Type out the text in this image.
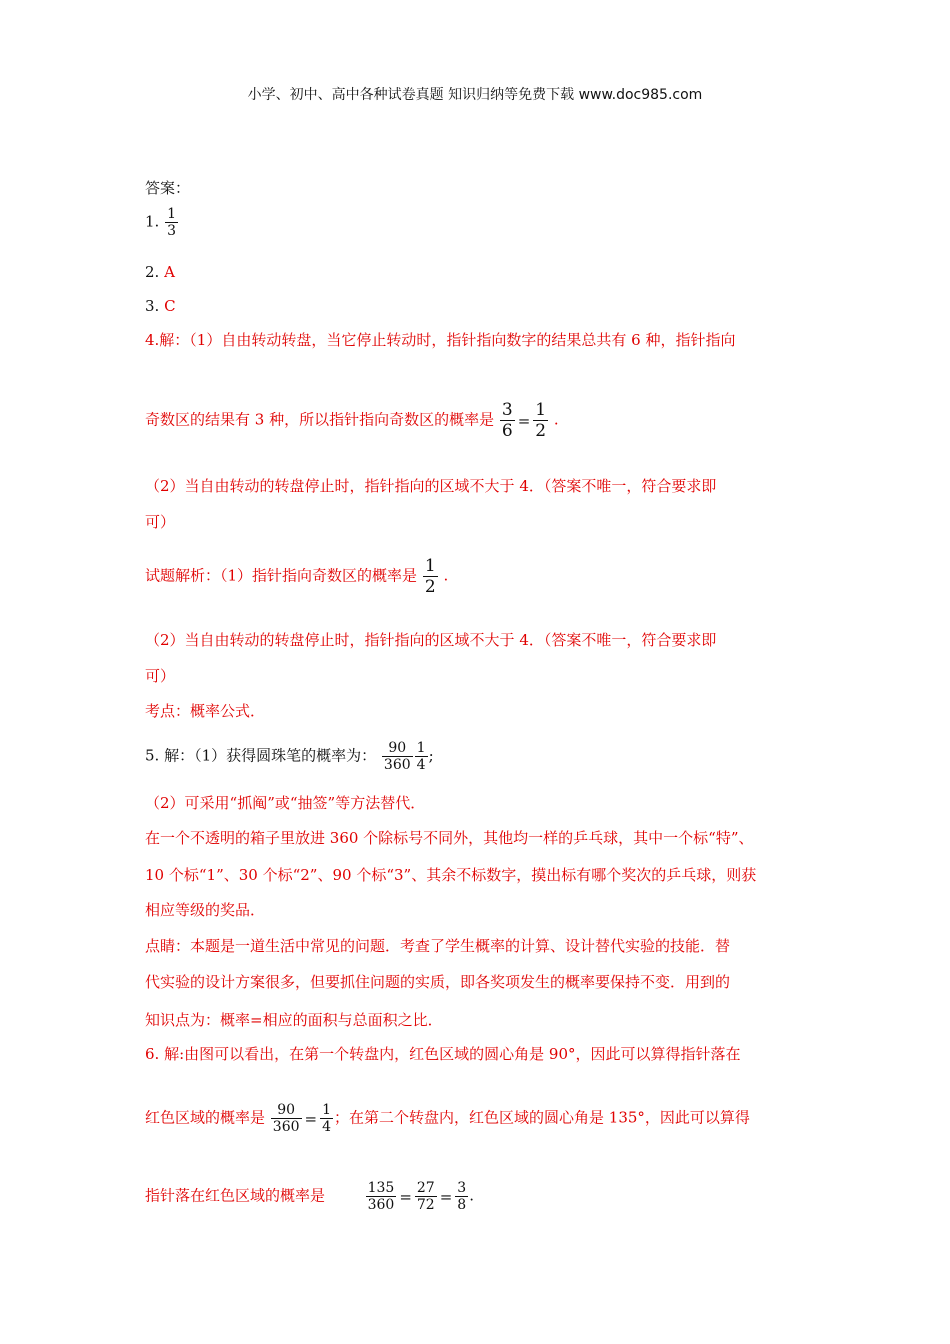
小学、初中、高中各种试卷真题 知识归纳等免费下载 www.doc985.com
答案：
1. $\frac{1}{3}$
2. A
3. C
4.解：（1）自由转动转盘，当它停止转动时，指针指向数字的结果总共有 6 种，指针指向
奇数区的结果有 3 种，所以指针指向奇数区的概率是 $\frac{3}{6} = \frac{1}{2}$ .
（2）当自由转动的转盘停止时，指针指向的区域不大于 4．（答案不唯一，符合要求即
可）
试题解析：（1）指针指向奇数区的概率是 $\frac{1}{2}$ .
（2）当自由转动的转盘停止时，指针指向的区域不大于 4．（答案不唯一，符合要求即
可）
考点：概率公式．
5. 解：（1）获得圆珠笔的概率为： $\frac{90}{360} \frac{1}{4}$ ;
（2）可采用“抓阄”或“抽签”等方法替代．
在一个不透明的箱子里放进 360 个除标号不同外，其他均一样的乒乓球，其中一个标“特”、
10 个标“1”、30 个标“2”、90 个标“3”、其余不标数字，摸出标有哪个奖次的乒乓球，则获
相应等级的奖品．
点睛：本题是一道生活中常见的问题．考查了学生概率的计算、设计替代实验的技能．替
代实验的设计方案很多，但要抓住问题的实质，即各奖项发生的概率要保持不变．用到的
知识点为：概率=相应的面积与总面积之比．
6. 解:由图可以看出，在第一个转盘内，红色区域的圆心角是 90°，因此可以算得指针落在
红色区域的概率是 $\frac{90}{360} = \frac{1}{4}$ ；在第二个转盘内，红色区域的圆心角是 135°，因此可以算得
指针落在红色区域的概率是	$\frac{135}{360} = \frac{27}{72} = \frac{3}{8}$ .
